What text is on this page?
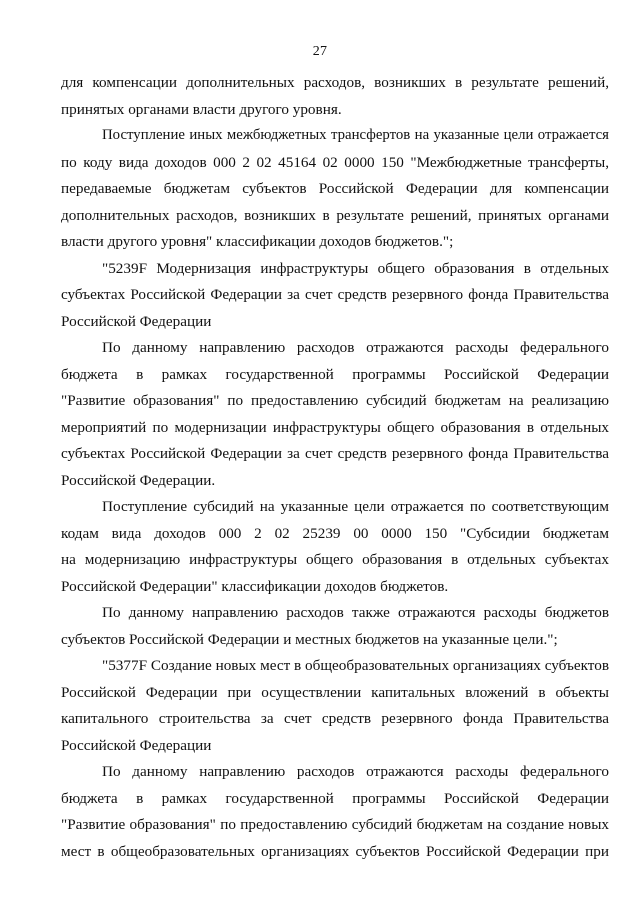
27
для компенсации дополнительных расходов, возникших в результате решений,
принятых органами власти другого уровня.
Поступление иных межбюджетных трансфертов на указанные цели отражается
по коду вида доходов 000 2 02 45164 02 0000 150 "Межбюджетные трансферты,
передаваемые бюджетам субъектов Российской Федерации для компенсации
дополнительных расходов, возникших в результате решений, принятых органами
власти другого уровня" классификации доходов бюджетов.";
"5239F Модернизация инфраструктуры общего образования в отдельных
субъектах Российской Федерации за счет средств резервного фонда Правительства
Российской Федерации
По данному направлению расходов отражаются расходы федерального
бюджета в рамках государственной программы Российской Федерации
"Развитие образования" по предоставлению субсидий бюджетам на реализацию
мероприятий по модернизации инфраструктуры общего образования в отдельных
субъектах Российской Федерации за счет средств резервного фонда Правительства
Российской Федерации.
Поступление субсидий на указанные цели отражается по соответствующим
кодам вида доходов 000 2 02 25239 00 0000 150 "Субсидии бюджетам
на модернизацию инфраструктуры общего образования в отдельных субъектах
Российской Федерации" классификации доходов бюджетов.
По данному направлению расходов также отражаются расходы бюджетов
субъектов Российской Федерации и местных бюджетов на указанные цели.";
"5377F Создание новых мест в общеобразовательных организациях субъектов
Российской Федерации при осуществлении капитальных вложений в объекты
капитального строительства за счет средств резервного фонда Правительства
Российской Федерации
По данному направлению расходов отражаются расходы федерального
бюджета в рамках государственной программы Российской Федерации
"Развитие образования" по предоставлению субсидий бюджетам на создание новых
мест в общеобразовательных организациях субъектов Российской Федерации при
